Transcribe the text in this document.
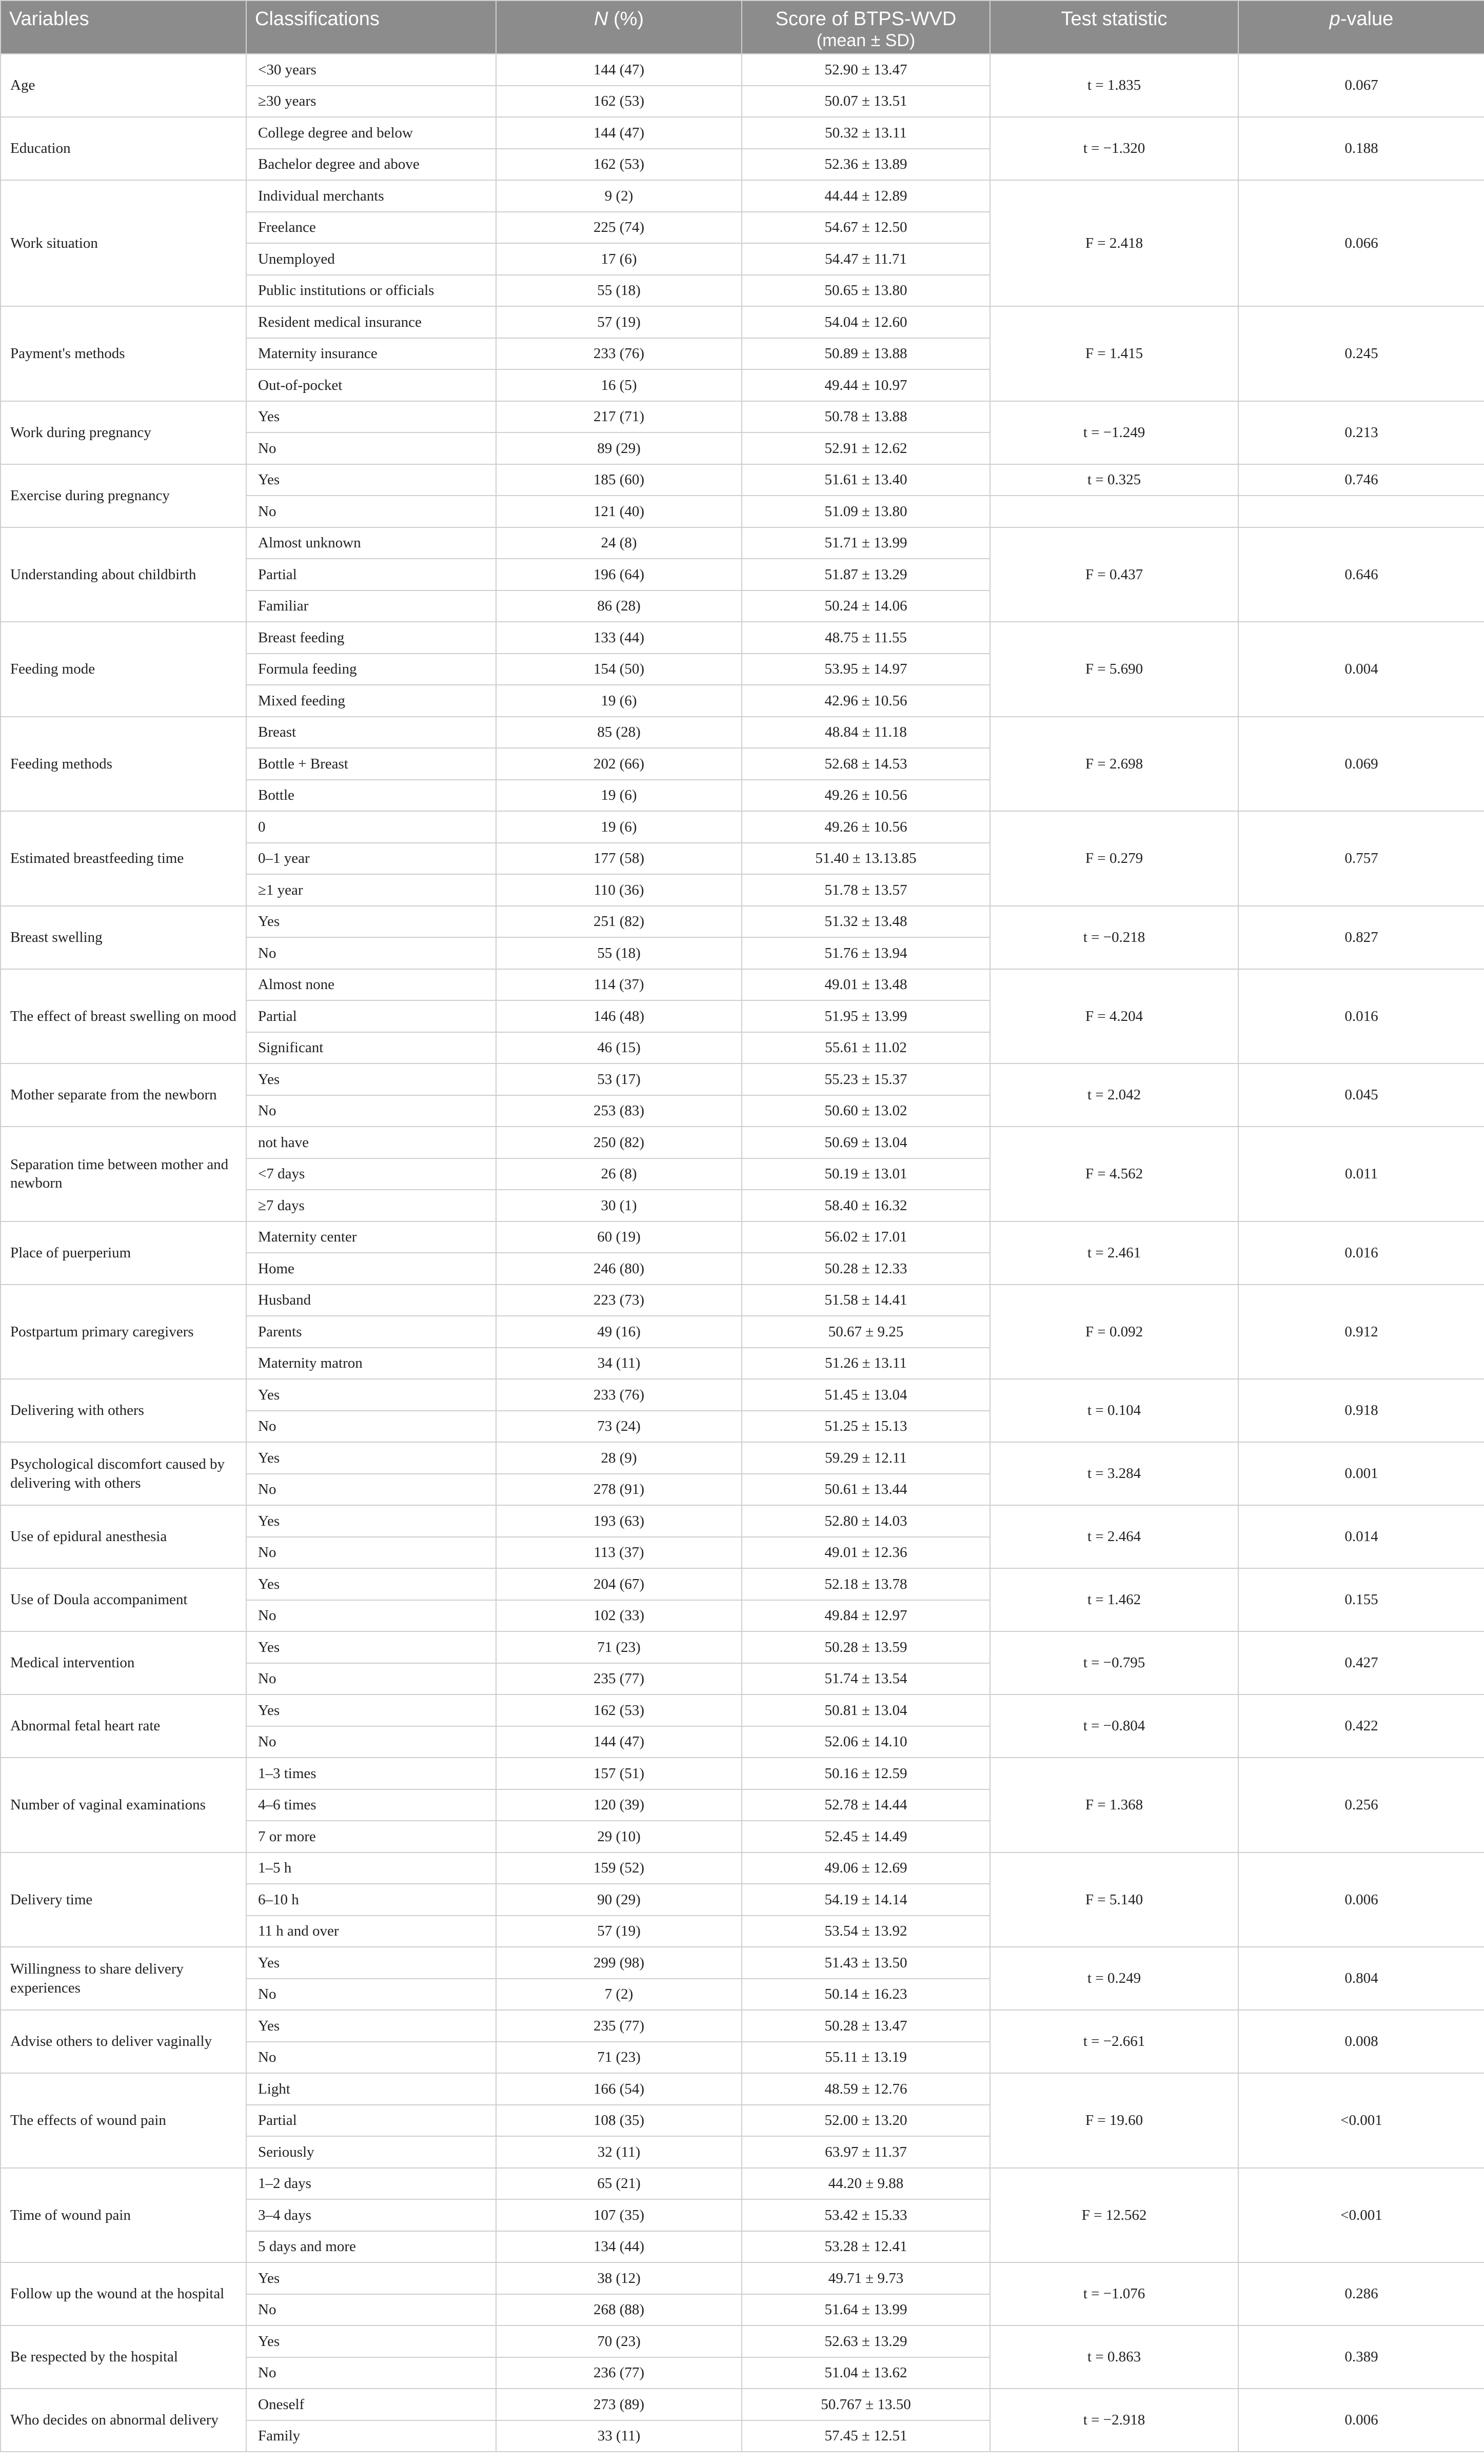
Variables	Classifications	N (%)	Score of BTPS-WVD
(mean ± SD)	Test statistic	p-value
Age	<30 years	144 (47)	52.90 ± 13.47	t = 1.835	0.067
	≥30 years	162 (53)	50.07 ± 13.51		
Education	College degree and below	144 (47)	50.32 ± 13.11	t = −1.320	0.188
	Bachelor degree and above	162 (53)	52.36 ± 13.89		
Work situation	Individual merchants	9 (2)	44.44 ± 12.89	F = 2.418	0.066
	Freelance	225 (74)	54.67 ± 12.50		
	Unemployed	17 (6)	54.47 ± 11.71		
	Public institutions or officials	55 (18)	50.65 ± 13.80		
Payment's methods	Resident medical insurance	57 (19)	54.04 ± 12.60	F = 1.415	0.245
	Maternity insurance	233 (76)	50.89 ± 13.88		
	Out-of-pocket	16 (5)	49.44 ± 10.97		
Work during pregnancy	Yes	217 (71)	50.78 ± 13.88	t = −1.249	0.213
	No	89 (29)	52.91 ± 12.62		
Exercise during pregnancy	Yes	185 (60)	51.61 ± 13.40	t = 0.325	0.746
	No	121 (40)	51.09 ± 13.80		
Understanding about childbirth	Almost unknown	24 (8)	51.71 ± 13.99	F = 0.437	0.646
	Partial	196 (64)	51.87 ± 13.29		
	Familiar	86 (28)	50.24 ± 14.06		
Feeding mode	Breast feeding	133 (44)	48.75 ± 11.55	F = 5.690	0.004
	Formula feeding	154 (50)	53.95 ± 14.97		
	Mixed feeding	19 (6)	42.96 ± 10.56		
Feeding methods	Breast	85 (28)	48.84 ± 11.18	F = 2.698	0.069
	Bottle + Breast	202 (66)	52.68 ± 14.53		
	Bottle	19 (6)	49.26 ± 10.56		
Estimated breastfeeding time	0	19 (6)	49.26 ± 10.56	F = 0.279	0.757
	0–1 year	177 (58)	51.40 ± 13.13.85		
	≥1 year	110 (36)	51.78 ± 13.57		
Breast swelling	Yes	251 (82)	51.32 ± 13.48	t = −0.218	0.827
	No	55 (18)	51.76 ± 13.94		
The effect of breast swelling on mood	Almost none	114 (37)	49.01 ± 13.48	F = 4.204	0.016
	Partial	146 (48)	51.95 ± 13.99		
	Significant	46 (15)	55.61 ± 11.02		
Mother separate from the newborn	Yes	53 (17)	55.23 ± 15.37	t = 2.042	0.045
	No	253 (83)	50.60 ± 13.02		
Separation time between mother and newborn	not have	250 (82)	50.69 ± 13.04	F = 4.562	0.011
	<7 days	26 (8)	50.19 ± 13.01		
	≥7 days	30 (1)	58.40 ± 16.32		
Place of puerperium	Maternity center	60 (19)	56.02 ± 17.01	t = 2.461	0.016
	Home	246 (80)	50.28 ± 12.33		
Postpartum primary caregivers	Husband	223 (73)	51.58 ± 14.41	F = 0.092	0.912
	Parents	49 (16)	50.67 ± 9.25		
	Maternity matron	34 (11)	51.26 ± 13.11		
Delivering with others	Yes	233 (76)	51.45 ± 13.04	t = 0.104	0.918
	No	73 (24)	51.25 ± 15.13		
Psychological discomfort caused by delivering with others	Yes	28 (9)	59.29 ± 12.11	t = 3.284	0.001
	No	278 (91)	50.61 ± 13.44		
Use of epidural anesthesia	Yes	193 (63)	52.80 ± 14.03	t = 2.464	0.014
	No	113 (37)	49.01 ± 12.36		
Use of Doula accompaniment	Yes	204 (67)	52.18 ± 13.78	t = 1.462	0.155
	No	102 (33)	49.84 ± 12.97		
Medical intervention	Yes	71 (23)	50.28 ± 13.59	t = −0.795	0.427
	No	235 (77)	51.74 ± 13.54		
Abnormal fetal heart rate	Yes	162 (53)	50.81 ± 13.04	t = −0.804	0.422
	No	144 (47)	52.06 ± 14.10		
Number of vaginal examinations	1–3 times	157 (51)	50.16 ± 12.59	F = 1.368	0.256
	4–6 times	120 (39)	52.78 ± 14.44		
	7 or more	29 (10)	52.45 ± 14.49		
Delivery time	1–5 h	159 (52)	49.06 ± 12.69	F = 5.140	0.006
	6–10 h	90 (29)	54.19 ± 14.14		
	11 h and over	57 (19)	53.54 ± 13.92		
Willingness to share delivery experiences	Yes	299 (98)	51.43 ± 13.50	t = 0.249	0.804
	No	7 (2)	50.14 ± 16.23		
Advise others to deliver vaginally	Yes	235 (77)	50.28 ± 13.47	t = −2.661	0.008
	No	71 (23)	55.11 ± 13.19		
The effects of wound pain	Light	166 (54)	48.59 ± 12.76	F = 19.60	<0.001
	Partial	108 (35)	52.00 ± 13.20		
	Seriously	32 (11)	63.97 ± 11.37		
Time of wound pain	1–2 days	65 (21)	44.20 ± 9.88	F = 12.562	<0.001
	3–4 days	107 (35)	53.42 ± 15.33		
	5 days and more	134 (44)	53.28 ± 12.41		
Follow up the wound at the hospital	Yes	38 (12)	49.71 ± 9.73	t = −1.076	0.286
	No	268 (88)	51.64 ± 13.99		
Be respected by the hospital	Yes	70 (23)	52.63 ± 13.29	t = 0.863	0.389
	No	236 (77)	51.04 ± 13.62		
Who decides on abnormal delivery	Oneself	273 (89)	50.767 ± 13.50	t = −2.918	0.006
	Family	33 (11)	57.45 ± 12.51		
